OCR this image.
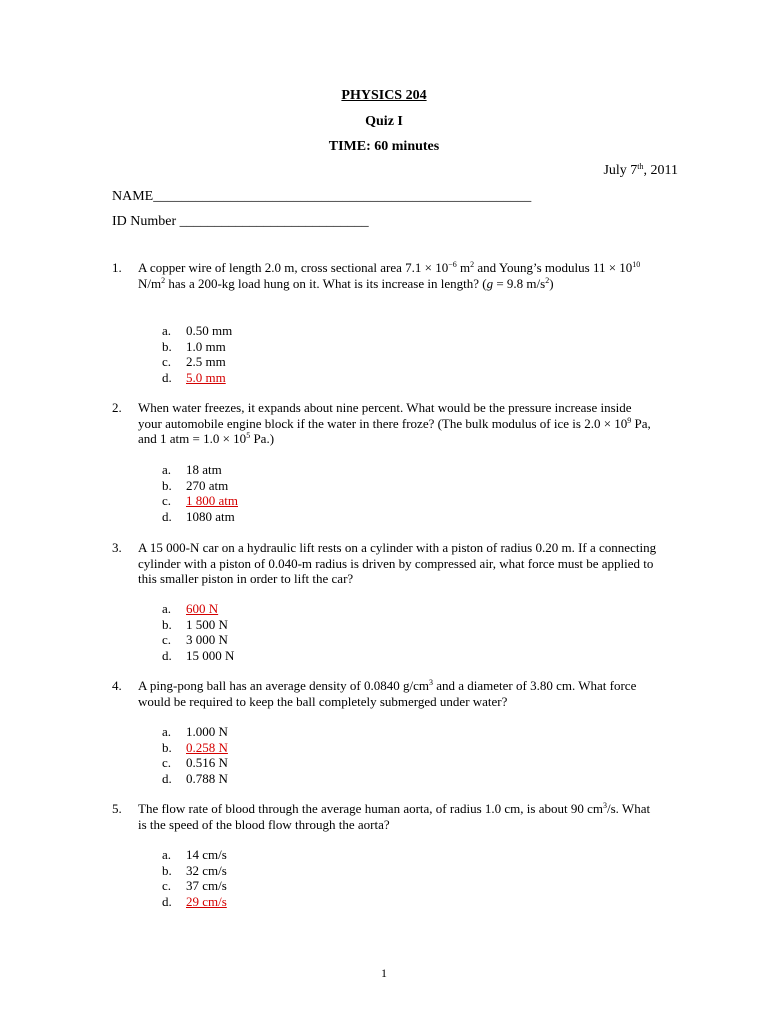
PHYSICS 204
Quiz I
TIME: 60 minutes
July 7th, 2011
NAME______________________________________________________
ID Number ___________________________
1. A copper wire of length 2.0 m, cross sectional area $7.1 \times 10^{-6}$ $m^2$ and Young’s modulus $11 \times 10^{10}$ $N/m^2$ has a 200-kg load hung on it. What is its increase in length? (g = 9.8 $m/s^2$)
a.	0.50 mm
b.	1.0 mm
c.	2.5 mm
d.	5.0 mm
2. When water freezes, it expands about nine percent. What would be the pressure increase inside your automobile engine block if the water in there froze? (The bulk modulus of ice is $2.0 \times 10^9$ Pa, and 1 atm = $1.0 \times 10^5$ Pa.)
a.	18 atm
b.	270 atm
c.	1 800 atm
d.	1080 atm
3. A 15 000-N car on a hydraulic lift rests on a cylinder with a piston of radius 0.20 m. If a connecting cylinder with a piston of 0.040-m radius is driven by compressed air, what force must be applied to this smaller piston in order to lift the car?
a.	600 N
b.	1 500 N
c.	3 000 N
d.	15 000 N
4. A ping-pong ball has an average density of 0.0840 $g/cm^3$ and a diameter of 3.80 cm. What force would be required to keep the ball completely submerged under water?
a.	1.000 N
b.	0.258 N
c.	0.516 N
d.	0.788 N
5. The flow rate of blood through the average human aorta, of radius 1.0 cm, is about 90 $cm^3/s$. What is the speed of the blood flow through the aorta?
a.	14 cm/s
b.	32 cm/s
c.	37 cm/s
d.	29 cm/s
1
